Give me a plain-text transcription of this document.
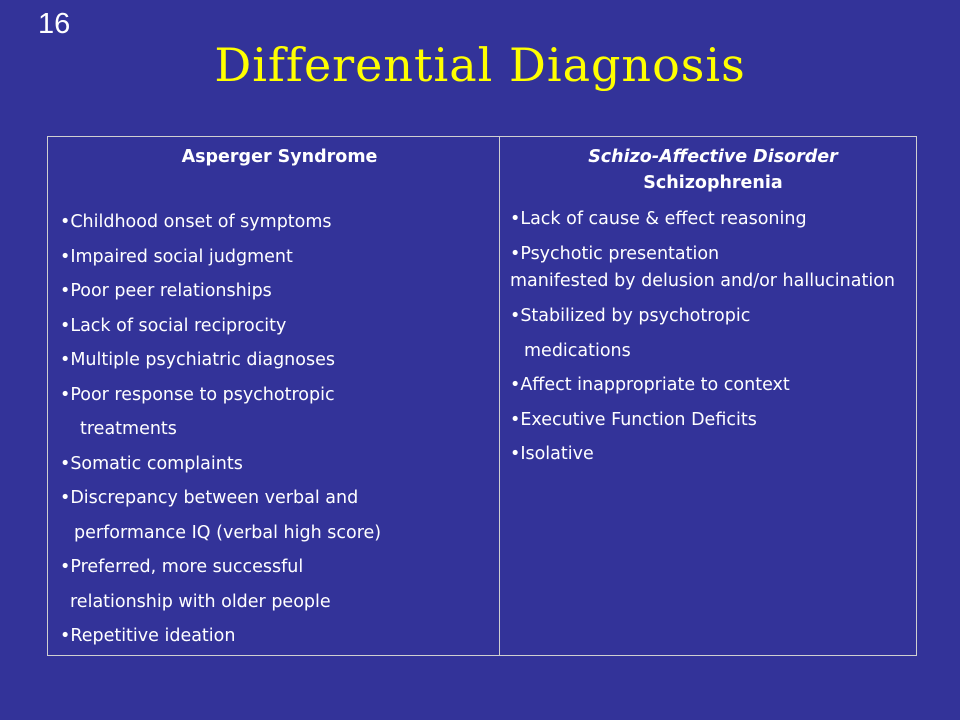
16
Differential Diagnosis
Asperger Syndrome
•Childhood onset of symptoms
•Impaired social judgment
•Poor peer relationships
•Lack of social reciprocity
•Multiple psychiatric diagnoses
•Poor response to psychotropic
treatments
•Somatic complaints
•Discrepancy between verbal and
performance IQ (verbal high score)
•Preferred, more successful
relationship with older people
•Repetitive ideation
Schizo-Affective Disorder
Schizophrenia
•Lack of cause & effect reasoning
•Psychotic presentation
manifested by delusion and/or hallucination
•Stabilized by psychotropic
medications
•Affect inappropriate to context
•Executive Function Deficits
•Isolative
